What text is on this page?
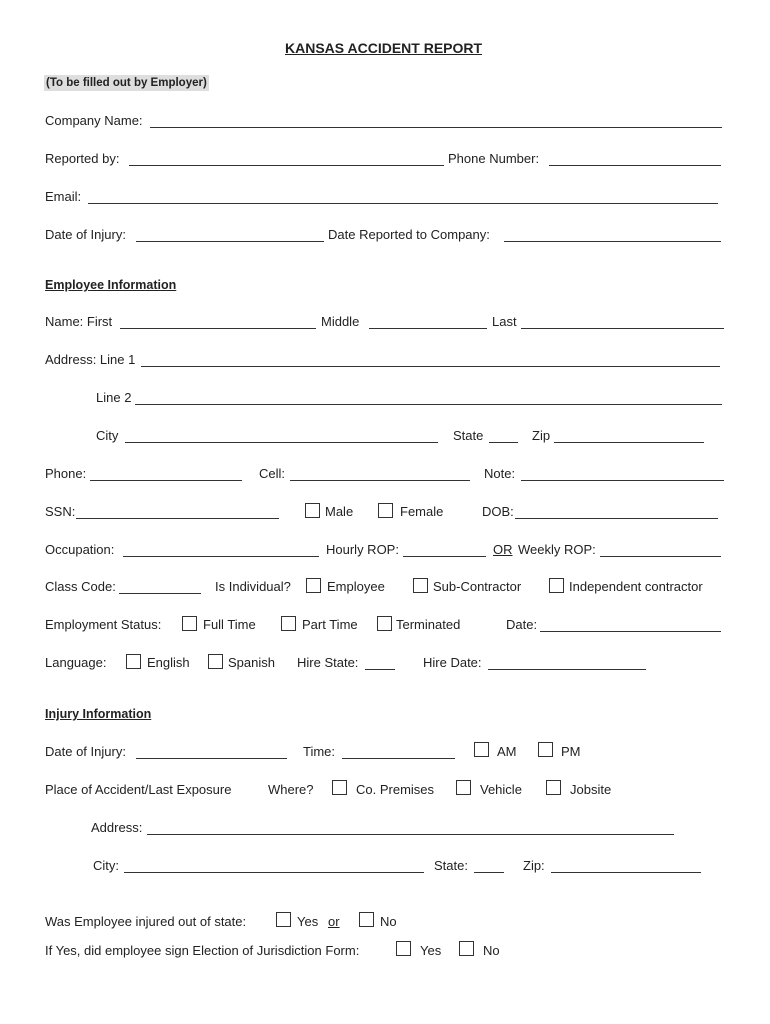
KANSAS ACCIDENT REPORT
(To be filled out by Employer)
Company Name:
Reported by:	Phone Number:
Email:
Date of Injury:	Date Reported to Company:
Employee Information
Name: First	Middle	Last
Address: Line 1
Line 2
City	State	Zip
Phone:	Cell:	Note:
SSN:	Male	Female	DOB:
Occupation:	Hourly ROP:	OR Weekly ROP:
Class Code:	Is Individual?	Employee	Sub-Contractor	Independent contractor
Employment Status:	Full Time	Part Time	Terminated	Date:
Language:	English	Spanish Hire State:	Hire Date:
Injury Information
Date of Injury:	Time:	AM	PM
Place of Accident/Last Exposure	Where?	Co. Premises	Vehicle	Jobsite
Address:
City:	State:	Zip:
Was Employee injured out of state:	Yes or	No
If Yes, did employee sign Election of Jurisdiction Form:	Yes	No
